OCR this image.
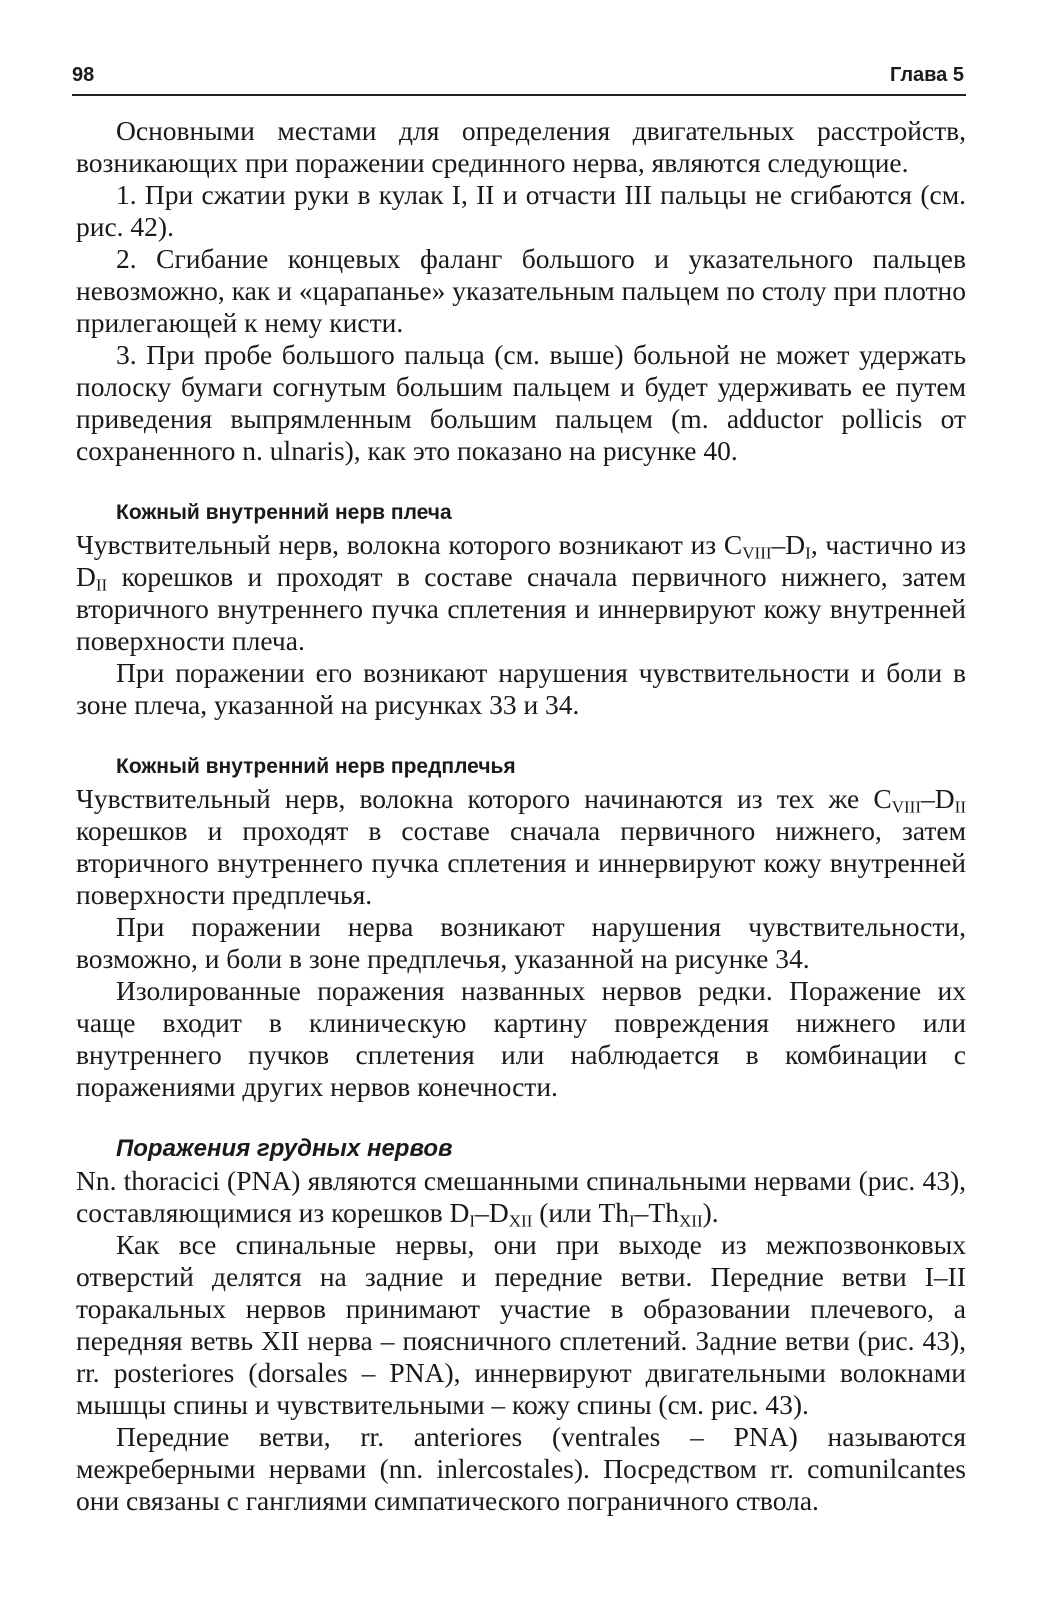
98	Глава 5

Основными местами для определения двигательных расстройств, возникающих при поражении срединного нерва, являются следующие.

1. При сжатии руки в кулак I, II и отчасти III пальцы не сгибаются (см. рис. 42).

2. Сгибание концевых фаланг большого и указательного пальцев невозможно, как и «царапанье» указательным пальцем по столу при плотно прилегающей к нему кисти.

3. При пробе большого пальца (см. выше) больной не может удержать полоску бумаги согнутым большим пальцем и будет удерживать ее путем приведения выпрямленным большим пальцем (m. adductor pollicis от сохраненного n. ulnaris), как это показано на рисунке 40.

Кожный внутренний нерв плеча

Чувствительный нерв, волокна которого возникают из $C_{VIII}-D_I$, частично из $D_{II}$ корешков и проходят в составе сначала первичного нижнего, затем вторичного внутреннего пучка сплетения и иннервируют кожу внутренней поверхности плеча.

При поражении его возникают нарушения чувствительности и боли в зоне плеча, указанной на рисунках 33 и 34.

Кожный внутренний нерв предплечья

Чувствительный нерв, волокна которого начинаются из тех же $C_{VIII}-D_{II}$ корешков и проходят в составе сначала первичного нижнего, затем вторичного внутреннего пучка сплетения и иннервируют кожу внутренней поверхности предплечья.

При поражении нерва возникают нарушения чувствительности, возможно, и боли в зоне предплечья, указанной на рисунке 34.

Изолированные поражения названных нервов редки. Поражение их чаще входит в клиническую картину повреждения нижнего или внутреннего пучков сплетения или наблюдается в комбинации с поражениями других нервов конечности.

Поражения грудных нервов

Nn. thoracici (PNA) являются смешанными спинальными нервами (рис. 43), составляющимися из корешков $D_I-D_{XII}$ (или $Th_I-Th_{XII}$).

Как все спинальные нервы, они при выходе из межпозвонковых отверстий делятся на задние и передние ветви. Передние ветви I–II торакальных нервов принимают участие в образовании плечевого, а передняя ветвь XII нерва – поясничного сплетений. Задние ветви (рис. 43), rr. posteriores (dorsales – PNA), иннервируют двигательными волокнами мышцы спины и чувствительными – кожу спины (см. рис. 43).

Передние ветви, rr. anteriores (ventrales – PNA) называются межреберными нервами (nn. inlercostales). Посредством rr. comunilcantes они связаны с ганглиями симпатического пограничного ствола.
